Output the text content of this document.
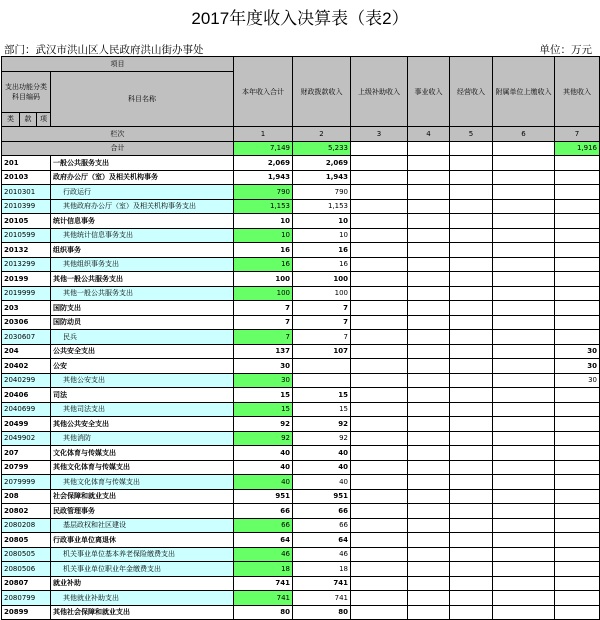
2017年度收入决算表（表2）
部门：武汉市洪山区人民政府洪山街办事处	单位：万元
项目				本年收入合计	财政拨款收入	上级补助收入	事业收入	经营收入	附属单位上缴收入	其他收入
支出功能分类科目编码			科目名称							
类	款	项								
栏次				1	2	3	4	5	6	7
合计				7,149	5,233					1,916
201			一般公共服务支出	2,069	2,069					
20103			政府办公厅（室）及相关机构事务	1,943	1,943					
2010301			行政运行	790	790					
2010399			其他政府办公厅（室）及相关机构事务支出	1,153	1,153					
20105			统计信息事务	10	10					
2010599			其他统计信息事务支出	10	10					
20132			组织事务	16	16					
2013299			其他组织事务支出	16	16					
20199			其他一般公共服务支出	100	100					
2019999			其他一般公共服务支出	100	100					
203			国防支出	7	7					
20306			国防动员	7	7					
2030607			民兵	7	7					
204			公共安全支出	137	107					30
20402			公安	30						30
2040299			其他公安支出	30						30
20406			司法	15	15					
2040699			其他司法支出	15	15					
20499			其他公共安全支出	92	92					
2049902			其他消防	92	92					
207			文化体育与传媒支出	40	40					
20799			其他文化体育与传媒支出	40	40					
2079999			其他文化体育与传媒支出	40	40					
208			社会保障和就业支出	951	951					
20802			民政管理事务	66	66					
2080208			基层政权和社区建设	66	66					
20805			行政事业单位离退休	64	64					
2080505			机关事业单位基本养老保险缴费支出	46	46					
2080506			机关事业单位职业年金缴费支出	18	18					
20807			就业补助	741	741					
2080799			其他就业补助支出	741	741					
20899			其他社会保障和就业支出	80	80					
